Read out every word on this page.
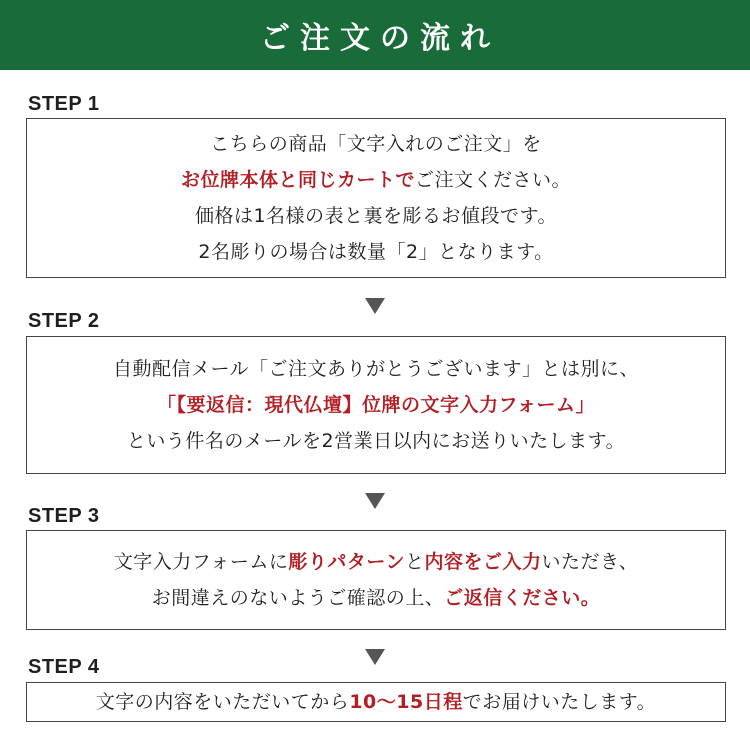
ご注文の流れ
STEP 1
こちらの商品「文字入れのご注文」を
お位牌本体と同じカートでご注文ください。
価格は1名様の表と裏を彫るお値段です。
2名彫りの場合は数量「2」となります。
STEP 2
自動配信メール「ご注文ありがとうございます」とは別に、
「【要返信：現代仏壇】位牌の文字入力フォーム」
という件名のメールを2営業日以内にお送りいたします。
STEP 3
文字入力フォームに彫りパターンと内容をご入力いただき、
お間違えのないようご確認の上、ご返信ください。
STEP 4
文字の内容をいただいてから10〜15日程でお届けいたします。
